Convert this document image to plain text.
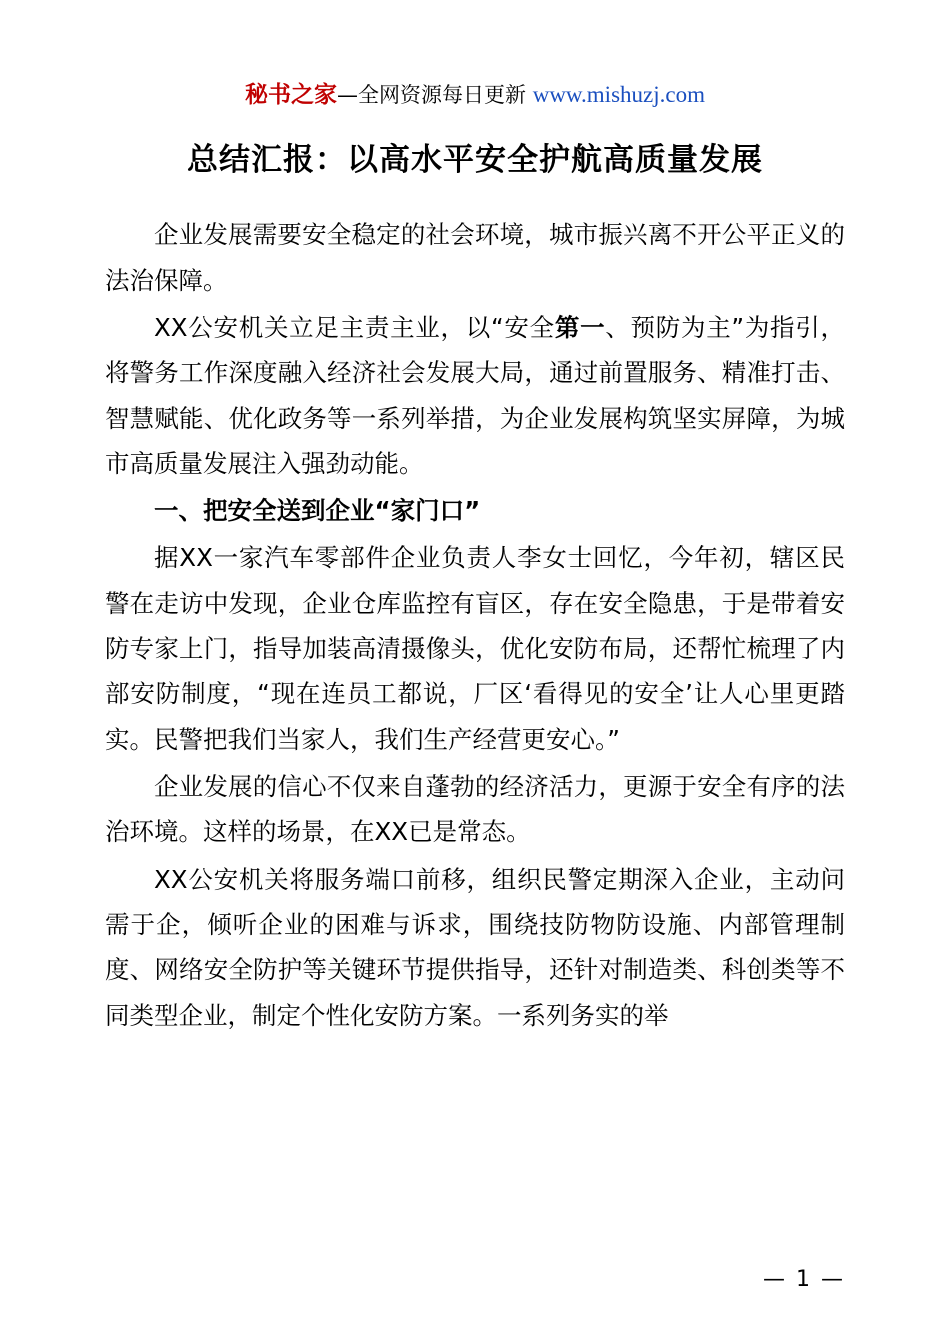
秘书之家—全网资源每日更新 www.mishuzj.com
总结汇报：以高水平安全护航高质量发展

企业发展需要安全稳定的社会环境，城市振兴离不开公平正义的法治保障。

XX公安机关立足主责主业，以“安全第一、预防为主”为指引，将警务工作深度融入经济社会发展大局，通过前置服务、精准打击、智慧赋能、优化政务等一系列举措，为企业发展构筑坚实屏障，为城市高质量发展注入强劲动能。

一、把安全送到企业“家门口”

据XX一家汽车零部件企业负责人李女士回忆，今年初，辖区民警在走访中发现，企业仓库监控有盲区，存在安全隐患，于是带着安防专家上门，指导加装高清摄像头，优化安防布局，还帮忙梳理了内部安防制度，“现在连员工都说，厂区‘看得见的安全’让人心里更踏实。民警把我们当家人，我们生产经营更安心。”

企业发展的信心不仅来自蓬勃的经济活力，更源于安全有序的法治环境。这样的场景，在XX已是常态。

XX公安机关将服务端口前移，组织民警定期深入企业，主动问需于企，倾听企业的困难与诉求，围绕技防物防设施、内部管理制度、网络安全防护等关键环节提供指导，还针对制造类、科创类等不同类型企业，制定个性化安防方案。一系列务实的举

— 1 —
